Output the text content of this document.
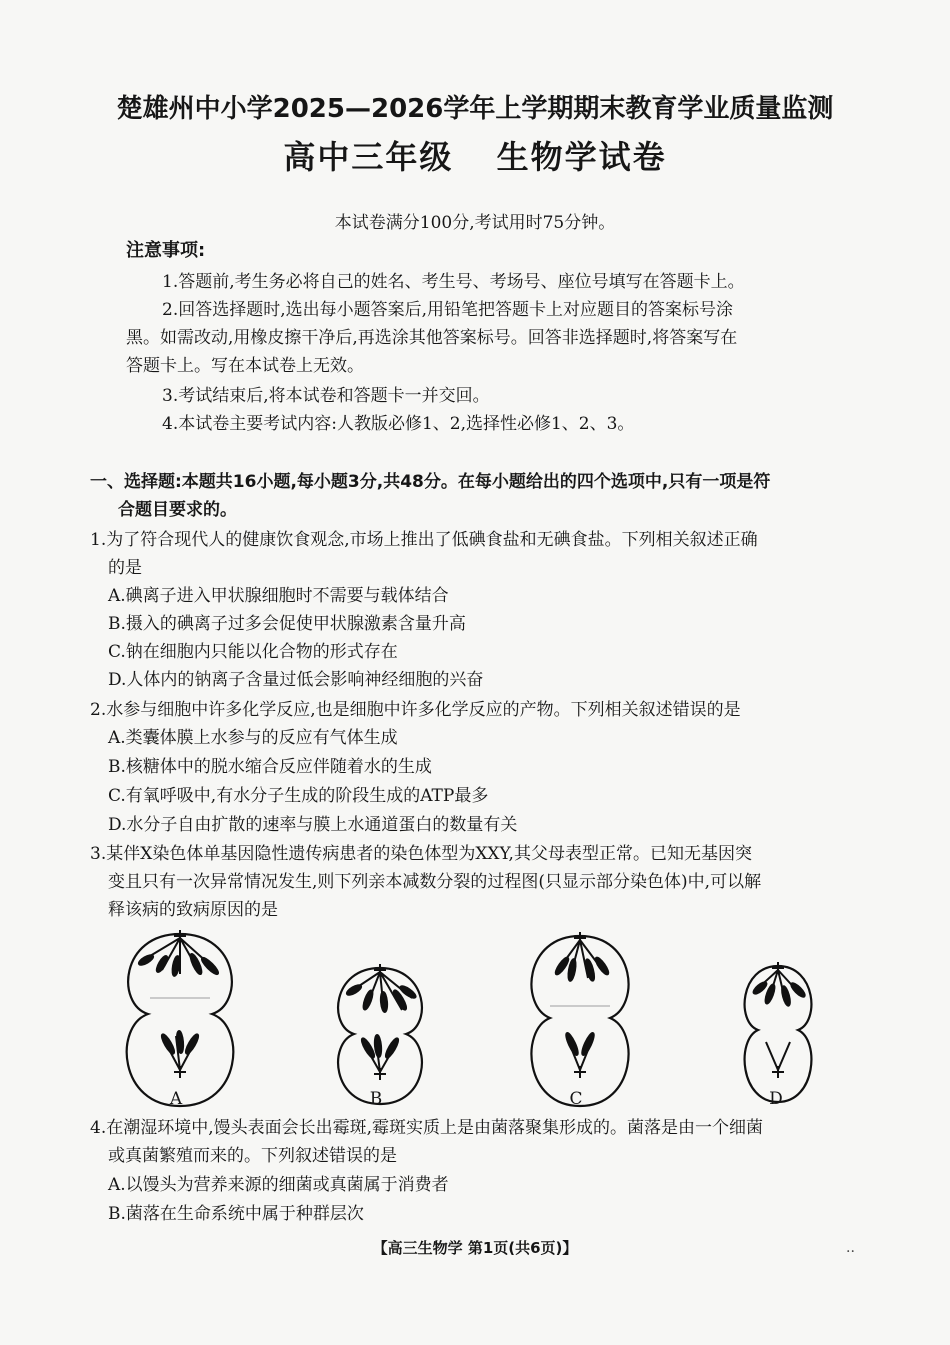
楚雄州中小学2025—2026学年上学期期末教育学业质量监测
高中三年级 生物学试卷
本试卷满分100分,考试用时75分钟。
注意事项:
1.答题前,考生务必将自己的姓名、考生号、考场号、座位号填写在答题卡上。
2.回答选择题时,选出每小题答案后,用铅笔把答题卡上对应题目的答案标号涂
黑。如需改动,用橡皮擦干净后,再选涂其他答案标号。回答非选择题时,将答案写在
答题卡上。写在本试卷上无效。
3.考试结束后,将本试卷和答题卡一并交回。
4.本试卷主要考试内容:人教版必修1、2,选择性必修1、2、3。
一、选择题:本题共16小题,每小题3分,共48分。在每小题给出的四个选项中,只有一项是符
合题目要求的。
1.为了符合现代人的健康饮食观念,市场上推出了低碘食盐和无碘食盐。下列相关叙述正确
的是
A.碘离子进入甲状腺细胞时不需要与载体结合
B.摄入的碘离子过多会促使甲状腺激素含量升高
C.钠在细胞内只能以化合物的形式存在
D.人体内的钠离子含量过低会影响神经细胞的兴奋
2.水参与细胞中许多化学反应,也是细胞中许多化学反应的产物。下列相关叙述错误的是
A.类囊体膜上水参与的反应有气体生成
B.核糖体中的脱水缩合反应伴随着水的生成
C.有氧呼吸中,有水分子生成的阶段生成的ATP最多
D.水分子自由扩散的速率与膜上水通道蛋白的数量有关
3.某伴X染色体单基因隐性遗传病患者的染色体型为XXY,其父母表型正常。已知无基因突
变且只有一次异常情况发生,则下列亲本减数分裂的过程图(只显示部分染色体)中,可以解
释该病的致病原因的是
A	B	C	D
4.在潮湿环境中,馒头表面会长出霉斑,霉斑实质上是由菌落聚集形成的。菌落是由一个细菌
或真菌繁殖而来的。下列叙述错误的是
A.以馒头为营养来源的细菌或真菌属于消费者
B.菌落在生命系统中属于种群层次
【高三生物学 第1页(共6页)】	..
